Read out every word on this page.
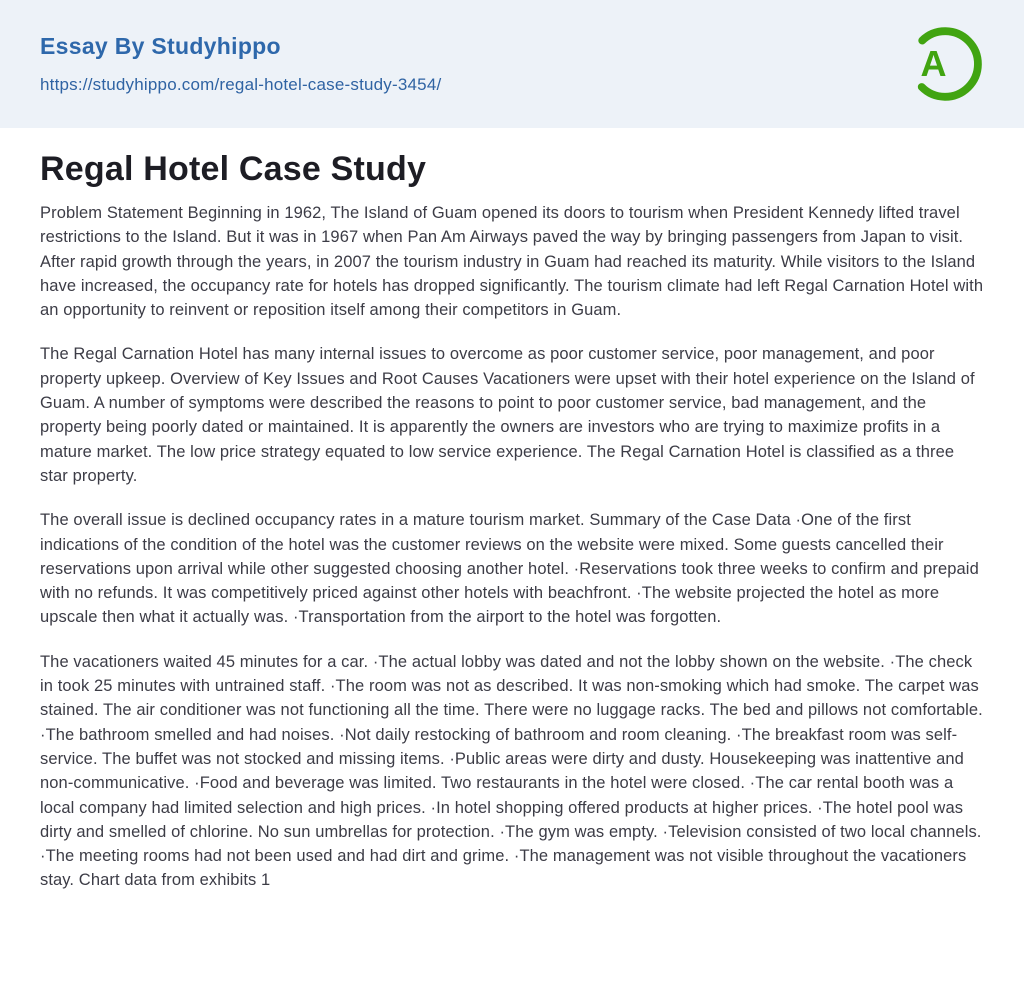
Essay By Studyhippo
https://studyhippo.com/regal-hotel-case-study-3454/
A
Regal Hotel Case Study

Problem Statement Beginning in 1962, The Island of Guam opened its doors to tourism when President Kennedy lifted travel restrictions to the Island. But it was in 1967 when Pan Am Airways paved the way by bringing passengers from Japan to visit. After rapid growth through the years, in 2007 the tourism industry in Guam had reached its maturity. While visitors to the Island have increased, the occupancy rate for hotels has dropped significantly. The tourism climate had left Regal Carnation Hotel with an opportunity to reinvent or reposition itself among their competitors in Guam.

The Regal Carnation Hotel has many internal issues to overcome as poor customer service, poor management, and poor property upkeep. Overview of Key Issues and Root Causes Vacationers were upset with their hotel experience on the Island of Guam. A number of symptoms were described the reasons to point to poor customer service, bad management, and the property being poorly dated or maintained. It is apparently the owners are investors who are trying to maximize profits in a mature market. The low price strategy equated to low service experience. The Regal Carnation Hotel is classified as a three star property.

The overall issue is declined occupancy rates in a mature tourism market. Summary of the Case Data ·One of the first indications of the condition of the hotel was the customer reviews on the website were mixed. Some guests cancelled their reservations upon arrival while other suggested choosing another hotel. ·Reservations took three weeks to confirm and prepaid with no refunds. It was competitively priced against other hotels with beachfront. ·The website projected the hotel as more upscale then what it actually was. ·Transportation from the airport to the hotel was forgotten.

The vacationers waited 45 minutes for a car. ·The actual lobby was dated and not the lobby shown on the website. ·The check in took 25 minutes with untrained staff. ·The room was not as described. It was non-smoking which had smoke. The carpet was stained. The air conditioner was not functioning all the time. There were no luggage racks. The bed and pillows not comfortable. ·The bathroom smelled and had noises. ·Not daily restocking of bathroom and room cleaning. ·The breakfast room was self-service. The buffet was not stocked and missing items. ·Public areas were dirty and dusty. Housekeeping was inattentive and non-communicative. ·Food and beverage was limited. Two restaurants in the hotel were closed. ·The car rental booth was a local company had limited selection and high prices. ·In hotel shopping offered products at higher prices. ·The hotel pool was dirty and smelled of chlorine. No sun umbrellas for protection. ·The gym was empty. ·Television consisted of two local channels. ·The meeting rooms had not been used and had dirt and grime. ·The management was not visible throughout the vacationers stay. Chart data from exhibits 1
